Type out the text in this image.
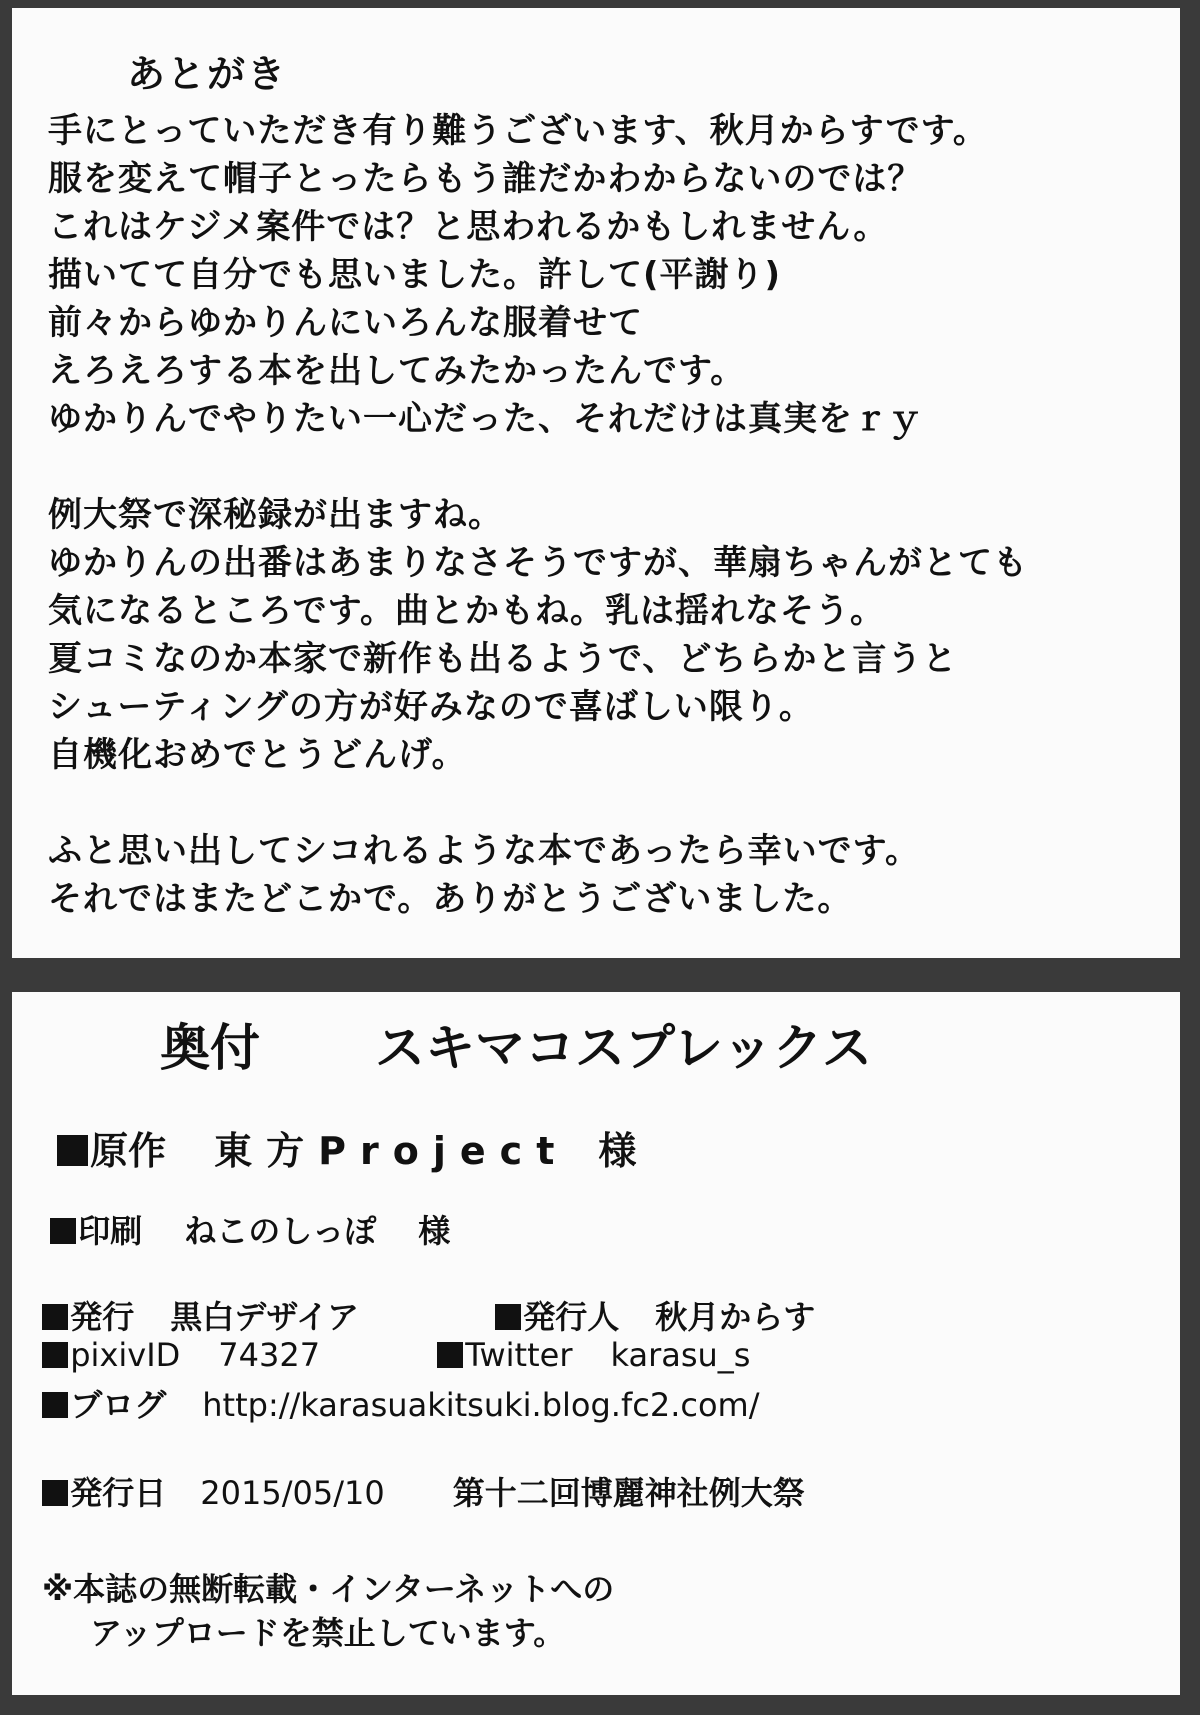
あとがき
手にとっていただき有り難うございます、秋月からすです。
服を変えて帽子とったらもう誰だかわからないのでは？
これはケジメ案件では？と思われるかもしれません。
描いてて自分でも思いました。許して(平謝り)
前々からゆかりんにいろんな服着せて
えろえろする本を出してみたかったんです。
ゆかりんでやりたい一心だった、それだけは真実をｒｙ
例大祭で深秘録が出ますね。
ゆかりんの出番はあまりなさそうですが、華扇ちゃんがとても
気になるところです。曲とかもね。乳は揺れなそう。
夏コミなのか本家で新作も出るようで、どちらかと言うと
シューティングの方が好みなので喜ばしい限り。
自機化おめでとうどんげ。
ふと思い出してシコれるような本であったら幸いです。
それではまたどこかで。ありがとうございました。
奥付 スキマコスプレックス
原作 東方Project 様
印刷 ねこのしっぽ 様
発行 黒白デザイア	発行人 秋月からす
pixivID 74327	Twitter karasu_s
ブログ http://karasuakitsuki.blog.fc2.com/
発行日 2015/05/10 第十二回博麗神社例大祭
※本誌の無断転載・インターネットへの
アップロードを禁止しています。
